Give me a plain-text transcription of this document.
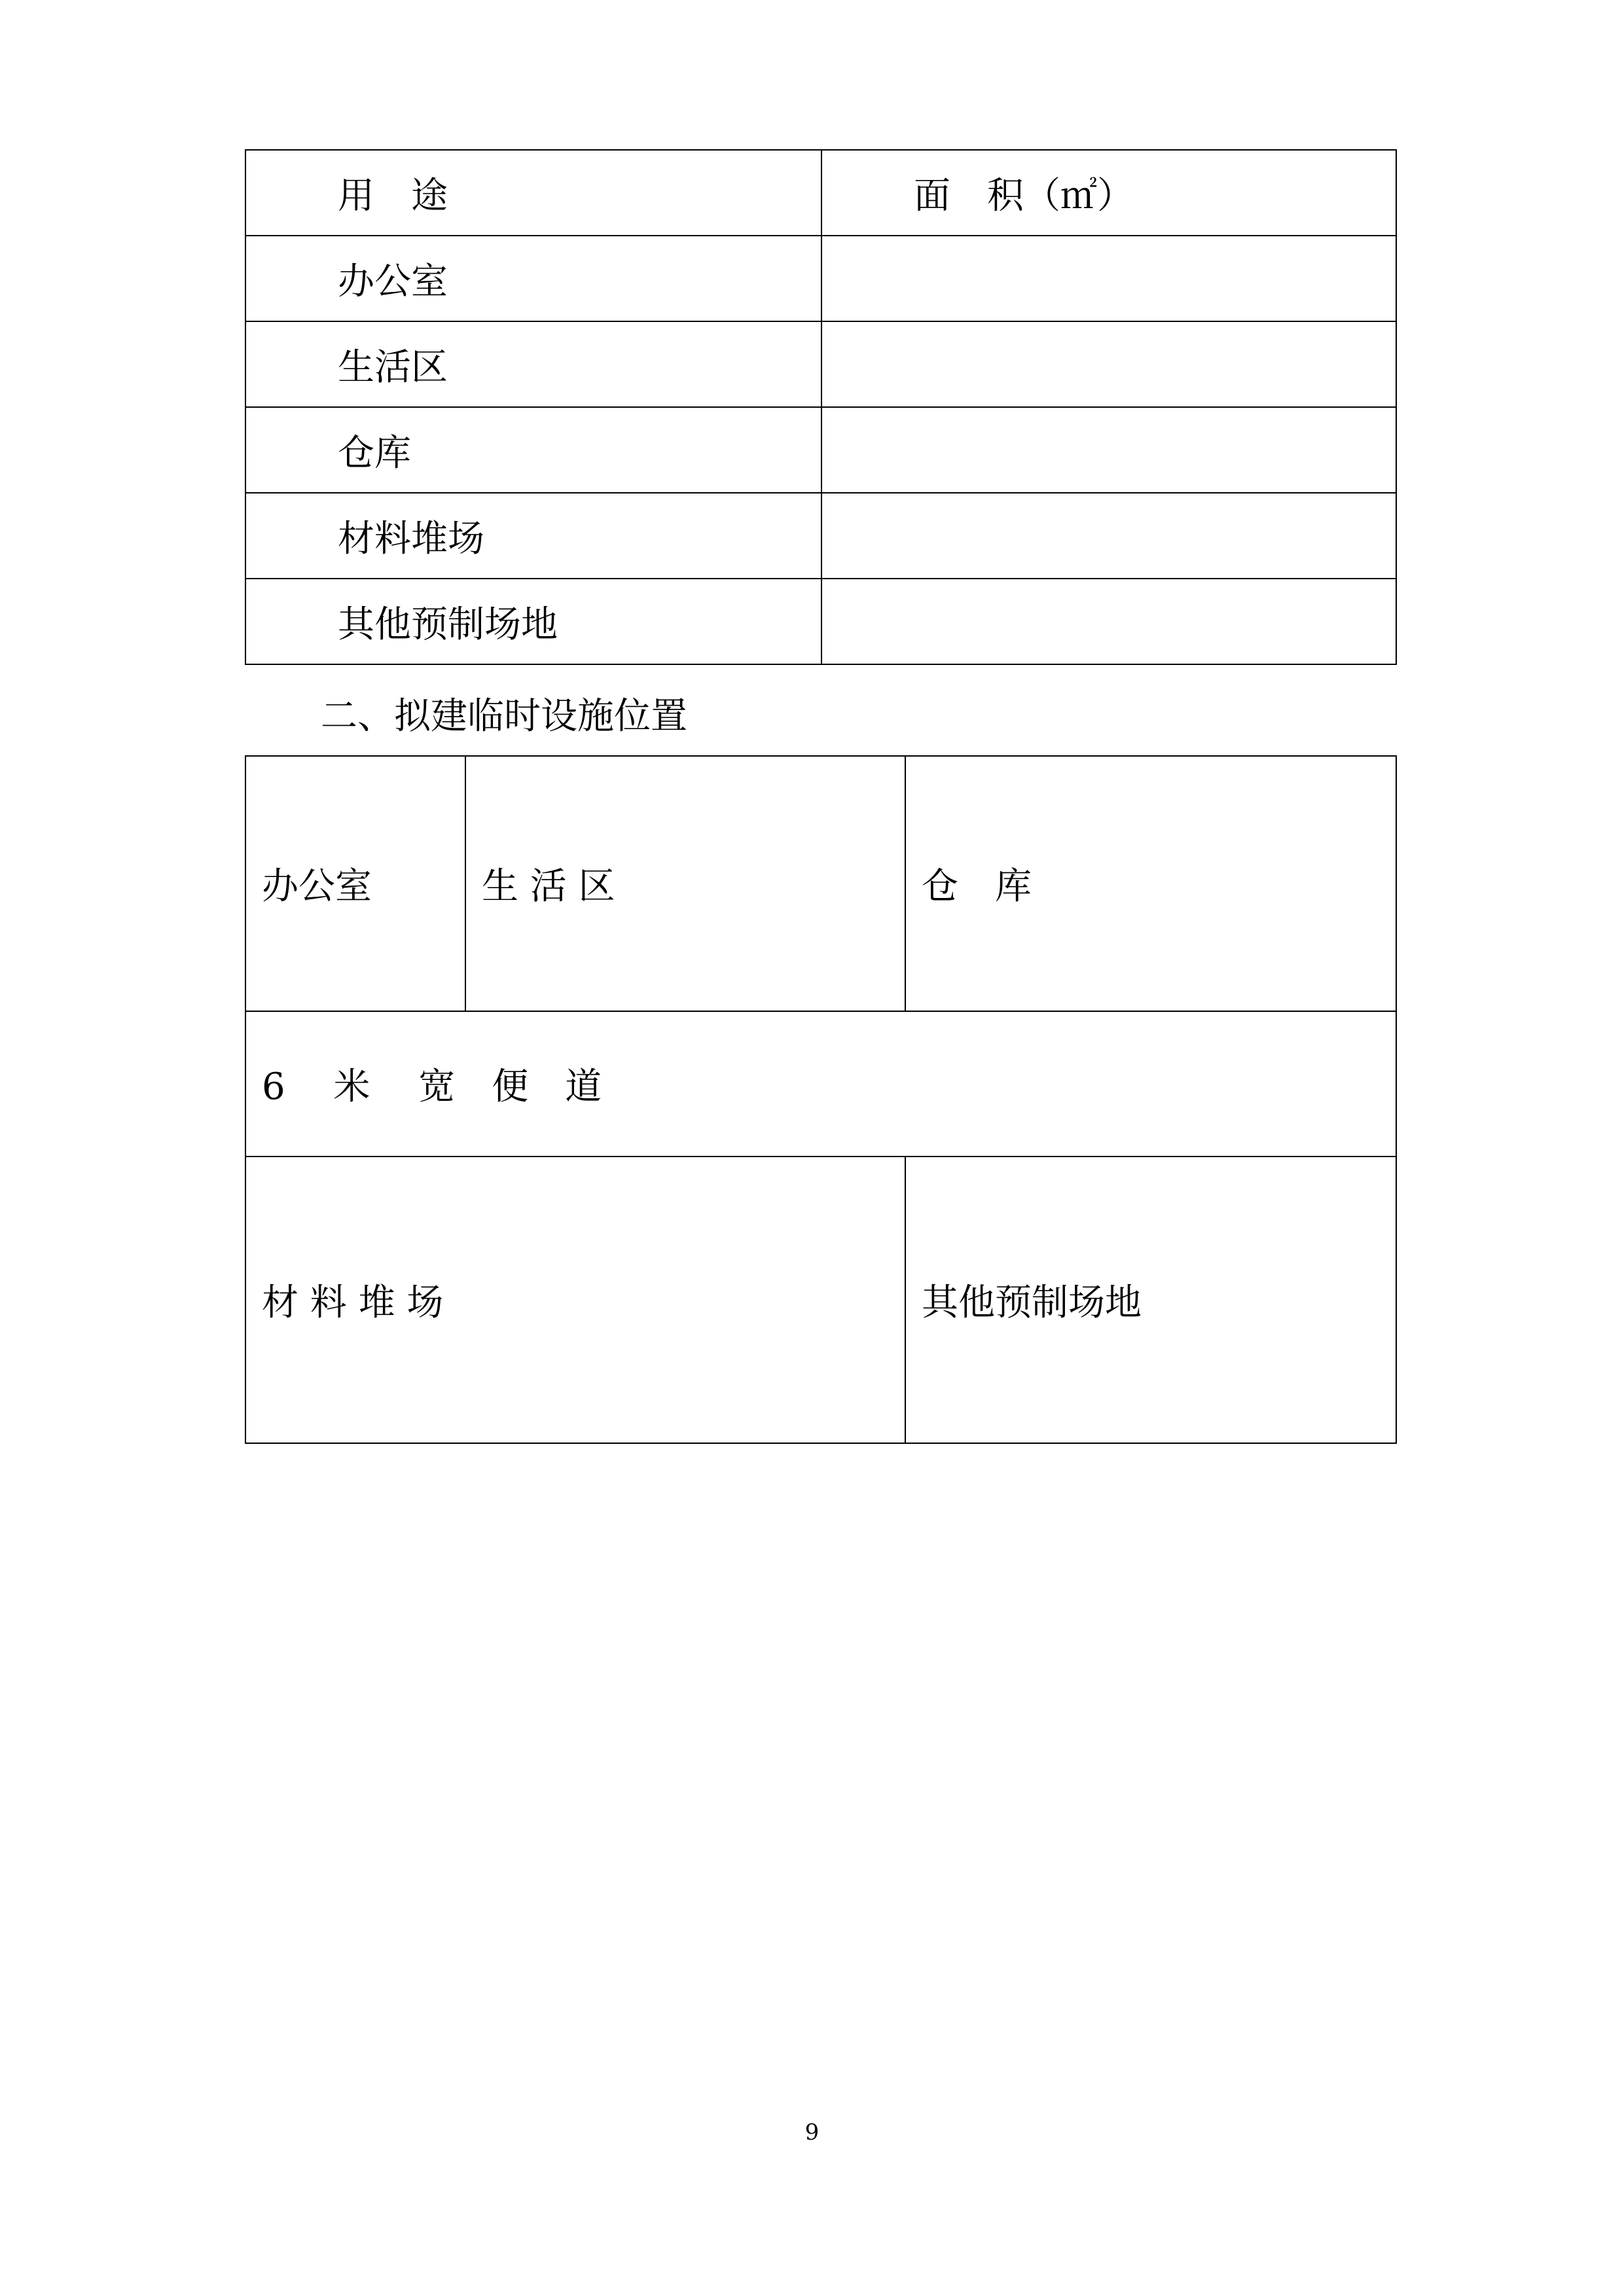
用　途	面　积（㎡）
办公室	
生活区	
仓库	
材料堆场	
其他预制场地	
二、拟建临时设施位置
办公室	生 活 区	仓　库
6　 米　 宽　便　道		
材 料 堆 场		其他预制场地
9
